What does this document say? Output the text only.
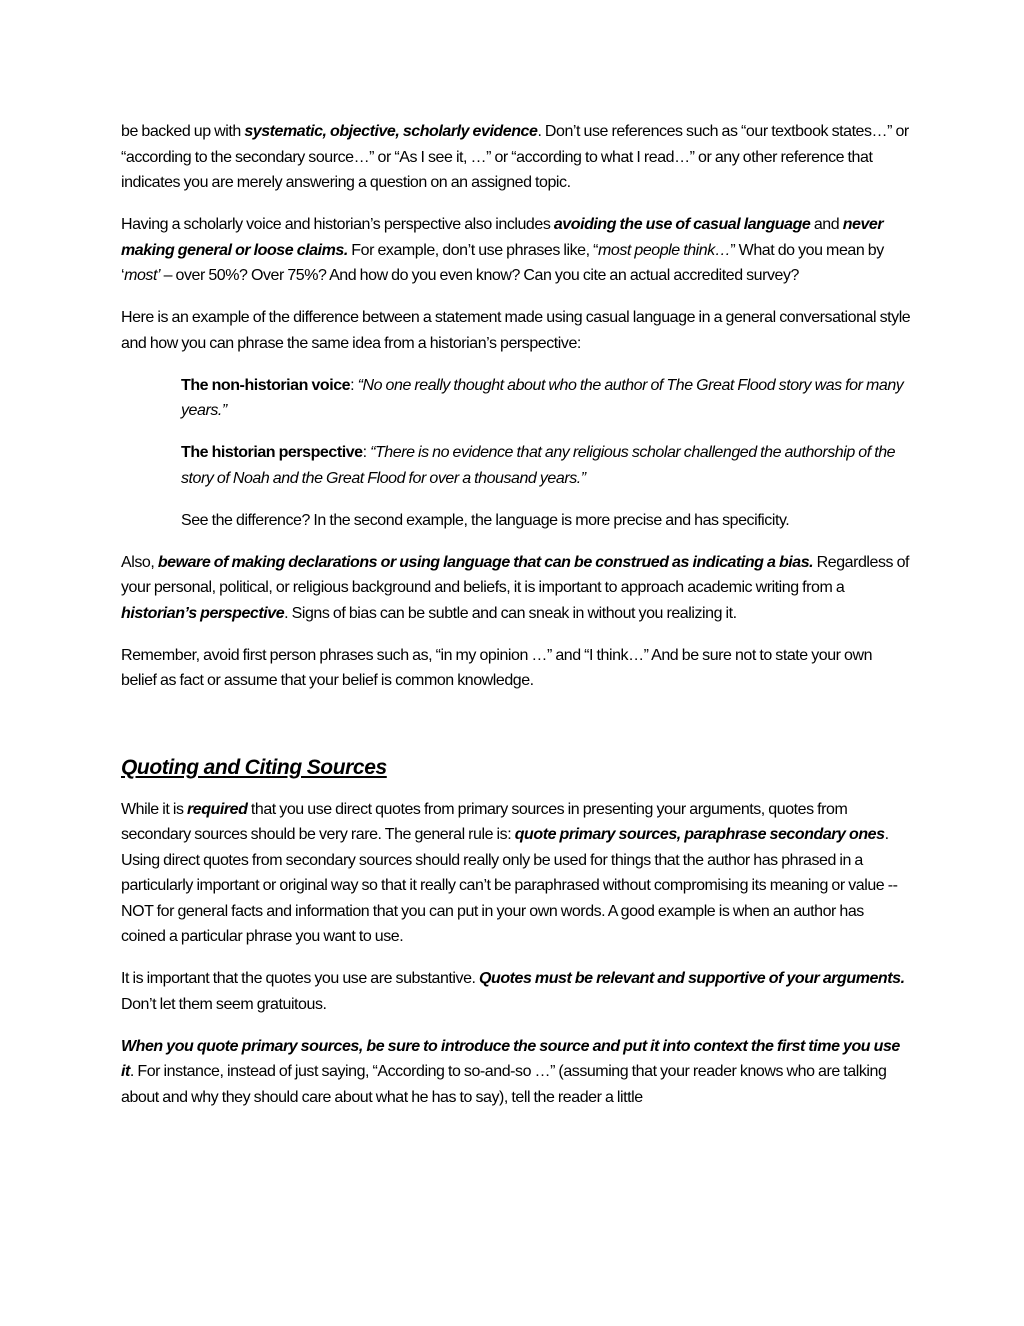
be backed up with systematic, objective, scholarly evidence. Don’t use references such as “our textbook states…” or “according to the secondary source…” or “As I see it, …” or “according to what I read…” or any other reference that indicates you are merely answering a question on an assigned topic.

Having a scholarly voice and historian’s perspective also includes avoiding the use of casual language and never making general or loose claims. For example, don’t use phrases like, “most people think…” What do you mean by ‘most’ – over 50%? Over 75%? And how do you even know? Can you cite an actual accredited survey?

Here is an example of the difference between a statement made using casual language in a general conversational style and how you can phrase the same idea from a historian’s perspective:

The non-historian voice: “No one really thought about who the author of The Great Flood story was for many years.”

The historian perspective: “There is no evidence that any religious scholar challenged the authorship of the story of Noah and the Great Flood for over a thousand years.”

See the difference? In the second example, the language is more precise and has specificity.

Also, beware of making declarations or using language that can be construed as indicating a bias. Regardless of your personal, political, or religious background and beliefs, it is important to approach academic writing from a historian’s perspective. Signs of bias can be subtle and can sneak in without you realizing it.

Remember, avoid first person phrases such as, “in my opinion …” and “I think…” And be sure not to state your own belief as fact or assume that your belief is common knowledge.

Quoting and Citing Sources

While it is required that you use direct quotes from primary sources in presenting your arguments, quotes from secondary sources should be very rare. The general rule is: quote primary sources, paraphrase secondary ones. Using direct quotes from secondary sources should really only be used for things that the author has phrased in a particularly important or original way so that it really can’t be paraphrased without compromising its meaning or value -- NOT for general facts and information that you can put in your own words. A good example is when an author has coined a particular phrase you want to use.

It is important that the quotes you use are substantive. Quotes must be relevant and supportive of your arguments. Don’t let them seem gratuitous.

When you quote primary sources, be sure to introduce the source and put it into context the first time you use it. For instance, instead of just saying, “According to so-and-so …” (assuming that your reader knows who are talking about and why they should care about what he has to say), tell the reader a little
